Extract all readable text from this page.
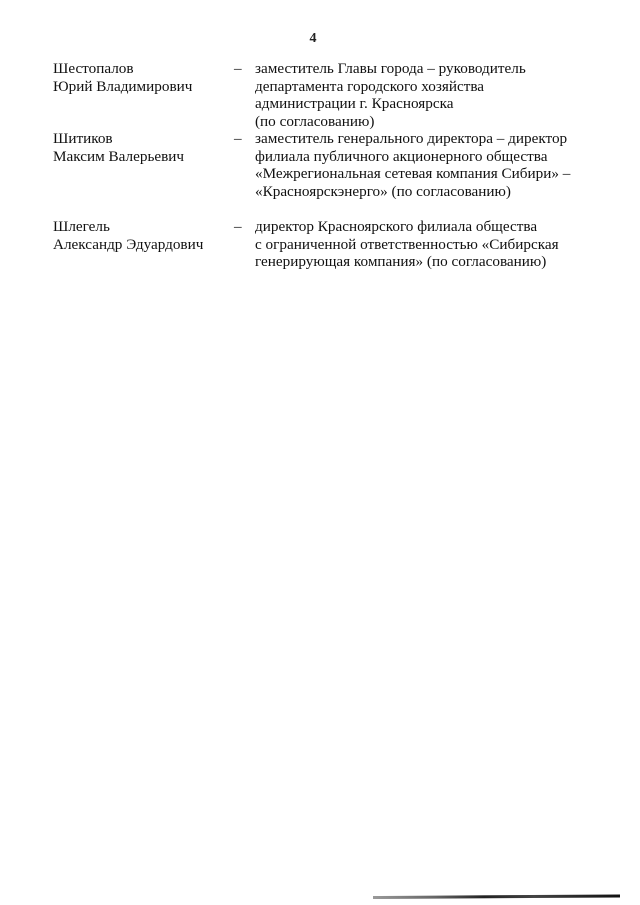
4
Шестопалов
Юрий Владимирович
– заместитель Главы города – руководитель
департамента городского хозяйства
администрации г. Красноярска
(по согласованию)
Шитиков
Максим Валерьевич
– заместитель генерального директора – директор
филиала публичного акционерного общества
«Межрегиональная сетевая компания Сибири» –
«Красноярскэнерго» (по согласованию)
Шлегель
Александр Эдуардович
– директор Красноярского филиала общества
с ограниченной ответственностью «Сибирская
генерирующая компания» (по согласованию)
